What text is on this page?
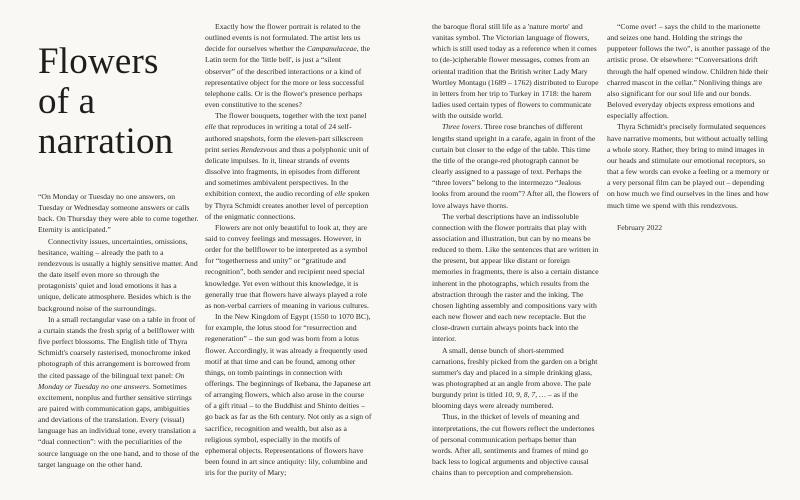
Flowers
of a
narration

“On Monday or Tuesday no one answers, on Tuesday or Wednesday someone answers or calls back. On Thursday they were able to come together. Eternity is anticipated.”

Connectivity issues, uncertainties, omissions, hesitance, waiting – already the path to a rendezvous is usually a highly sensitive matter. And the date itself even more so through the protagonists' quiet and loud emotions it has a unique, delicate atmosphere. Besides which is the background noise of the surroundings.

In a small rectangular vase on a table in front of a curtain stands the fresh sprig of a bellflower with five perfect blossoms. The English title of Thyra Schmidt's coarsely rasterised, monochrome inked photograph of this arrangement is borrowed from the cited passage of the bilingual text panel: On Monday or Tuesday no one answers. Sometimes excitement, nonplus and further sensitive stirrings are paired with communication gaps, ambiguities and deviations of the translation. Every (visual) language has an individual tone, every translation a “dual connection”: with the peculiarities of the source language on the one hand, and to those of the target language on the other hand.

Exactly how the flower portrait is related to the outlined events is not formulated. The artist lets us decide for ourselves whether the Campanulaceae, the Latin term for the 'little bell', is just a “silent observer” of the described interactions or a kind of representative object for the more or less successful telephone calls. Or is the flower's presence perhaps even constitutive to the scenes?

The flower bouquets, together with the text panel elle that reproduces in writing a total of 24 self-authored snapshots, form the eleven-part silkscreen print series Rendezvous and thus a polyphonic unit of delicate impulses. In it, linear strands of events dissolve into fragments, in episodes from different and sometimes ambivalent perspectives. In the exhibition context, the audio recording of elle spoken by Thyra Schmidt creates another level of perception of the enigmatic connections.

Flowers are not only beautiful to look at, they are said to convey feelings and messages. However, in order for the bellflower to be interpreted as a symbol for “togetherness and unity” or “gratitude and recognition”, both sender and recipient need special knowledge. Yet even without this knowledge, it is generally true that flowers have always played a role as non-verbal carriers of meaning in various cultures.

In the New Kingdom of Egypt (1550 to 1070 BC), for example, the lotus stood for “resurrection and regeneration” – the sun god was born from a lotus flower. Accordingly, it was already a frequently used motif at that time and can be found, among other things, on tomb paintings in connection with offerings. The beginnings of Ikebana, the Japanese art of arranging flowers, which also arose in the course of a gift ritual – to the Buddhist and Shinto deities – go back as far as the 6th century. Not only as a sign of sacrifice, recognition and wealth, but also as a religious symbol, especially in the motifs of ephemeral objects. Representations of flowers have been found in art since antiquity: lily, columbine and iris for the purity of Mary;

the baroque floral still life as a 'nature morte' and vanitas symbol. The Victorian language of flowers, which is still used today as a reference when it comes to (de-)cipherable flower messages, comes from an oriental tradition that the British writer Lady Mary Wortley Montagu (1689 – 1762) distributed to Europe in letters from her trip to Turkey in 1718: the harem ladies used certain types of flowers to communicate with the outside world.

Three lovers. Three rose branches of different lengths stand upright in a carafe, again in front of the curtain but closer to the edge of the table. This time the title of the orange-red photograph cannot be clearly assigned to a passage of text. Perhaps the “three lovers” belong to the intermezzo “Jealous looks from around the room”? After all, the flowers of love always have thorns.

The verbal descriptions have an indissoluble connection with the flower portraits that play with association and illustration, but can by no means be reduced to them. Like the sentences that are written in the present, but appear like distant or foreign memories in fragments, there is also a certain distance inherent in the photographs, which results from the abstraction through the raster and the inking. The chosen lighting assembly and compositions vary with each new flower and each new receptacle. But the close-drawn curtain always points back into the interior.

A small, dense bunch of short-stemmed carnations, freshly picked from the garden on a bright summer's day and placed in a simple drinking glass, was photographed at an angle from above. The pale burgundy print is titled 10, 9, 8, 7, … – as if the blooming days were already numbered.

Thus, in the thicket of levels of meaning and interpretations, the cut flowers reflect the undertones of personal communication perhaps better than words. After all, sentiments and frames of mind go back less to logical arguments and objective causal chains than to perception and comprehension.

“Come over! – says the child to the marionette and seizes one hand. Holding the strings the puppeteer follows the two”, is another passage of the artistic prose. Or elsewhere: “Conversations drift through the half opened window. Children hide their charred mascot in the cellar.” Nonliving things are also significant for our soul life and our bonds. Beloved everyday objects express emotions and especially affection.

Thyra Schmidt's precisely formulated sequences have narrative moments, but without actually telling a whole story. Rather, they bring to mind images in our heads and stimulate our emotional receptors, so that a few words can evoke a feeling or a memory or a very personal film can be played out – depending on how much we find ourselves in the lines and how much time we spend with this rendezvous.

February 2022
